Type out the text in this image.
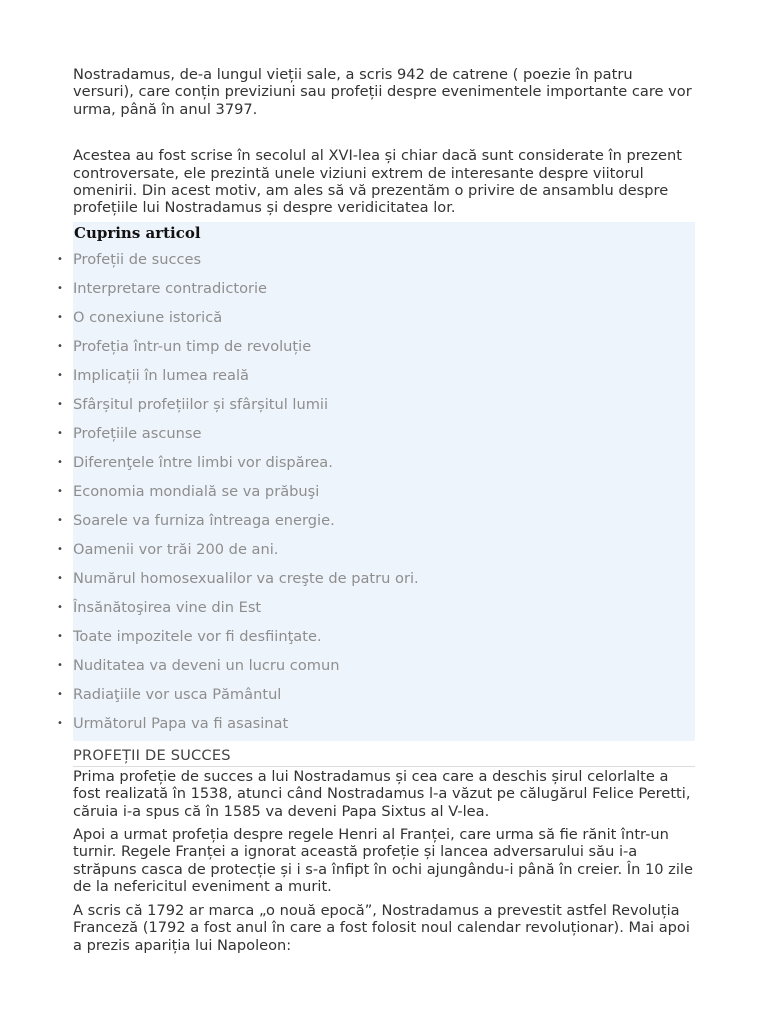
Nostradamus, de-a lungul vieții sale, a scris 942 de catrene ( poezie în patru versuri), care conțin previziuni sau profeții despre evenimentele importante care vor urma, până în anul 3797.

Acestea au fost scrise în secolul al XVI-lea și chiar dacă sunt considerate în prezent controversate, ele prezintă unele viziuni extrem de interesante despre viitorul omenirii. Din acest motiv, am ales să vă prezentăm o privire de ansamblu despre profețiile lui Nostradamus și despre veridicitatea lor.

Cuprins articol
• Profeții de succes
• Interpretare contradictorie
• O conexiune istorică
• Profeția într-un timp de revoluție
• Implicații în lumea reală
• Sfârșitul profețiilor și sfârșitul lumii
• Profețiile ascunse
• Diferenţele între limbi vor dispărea.
• Economia mondială se va prăbuşi
• Soarele va furniza întreaga energie.
• Oamenii vor trăi 200 de ani.
• Numărul homosexualilor va creşte de patru ori.
• Însănătoşirea vine din Est
• Toate impozitele vor fi desfiinţate.
• Nuditatea va deveni un lucru comun
• Radiaţiile vor usca Pământul
• Următorul Papa va fi asasinat
PROFEȚII DE SUCCES

Prima profeție de succes a lui Nostradamus și cea care a deschis șirul celorlalte a fost realizată în 1538, atunci când Nostradamus l-a văzut pe călugărul Felice Peretti, căruia i-a spus că în 1585 va deveni Papa Sixtus al V-lea.

Apoi a urmat profeția despre regele Henri al Franței, care urma să fie rănit într-un turnir. Regele Franței a ignorat această profeție și lancea adversarului său i-a străpuns casca de protecție și i s-a înfipt în ochi ajungându-i până în creier. În 10 zile de la nefericitul eveniment a murit.

A scris că 1792 ar marca „o nouă epocă”, Nostradamus a prevestit astfel Revoluția Franceză (1792 a fost anul în care a fost folosit noul calendar revoluționar). Mai apoi a prezis apariția lui Napoleon:
